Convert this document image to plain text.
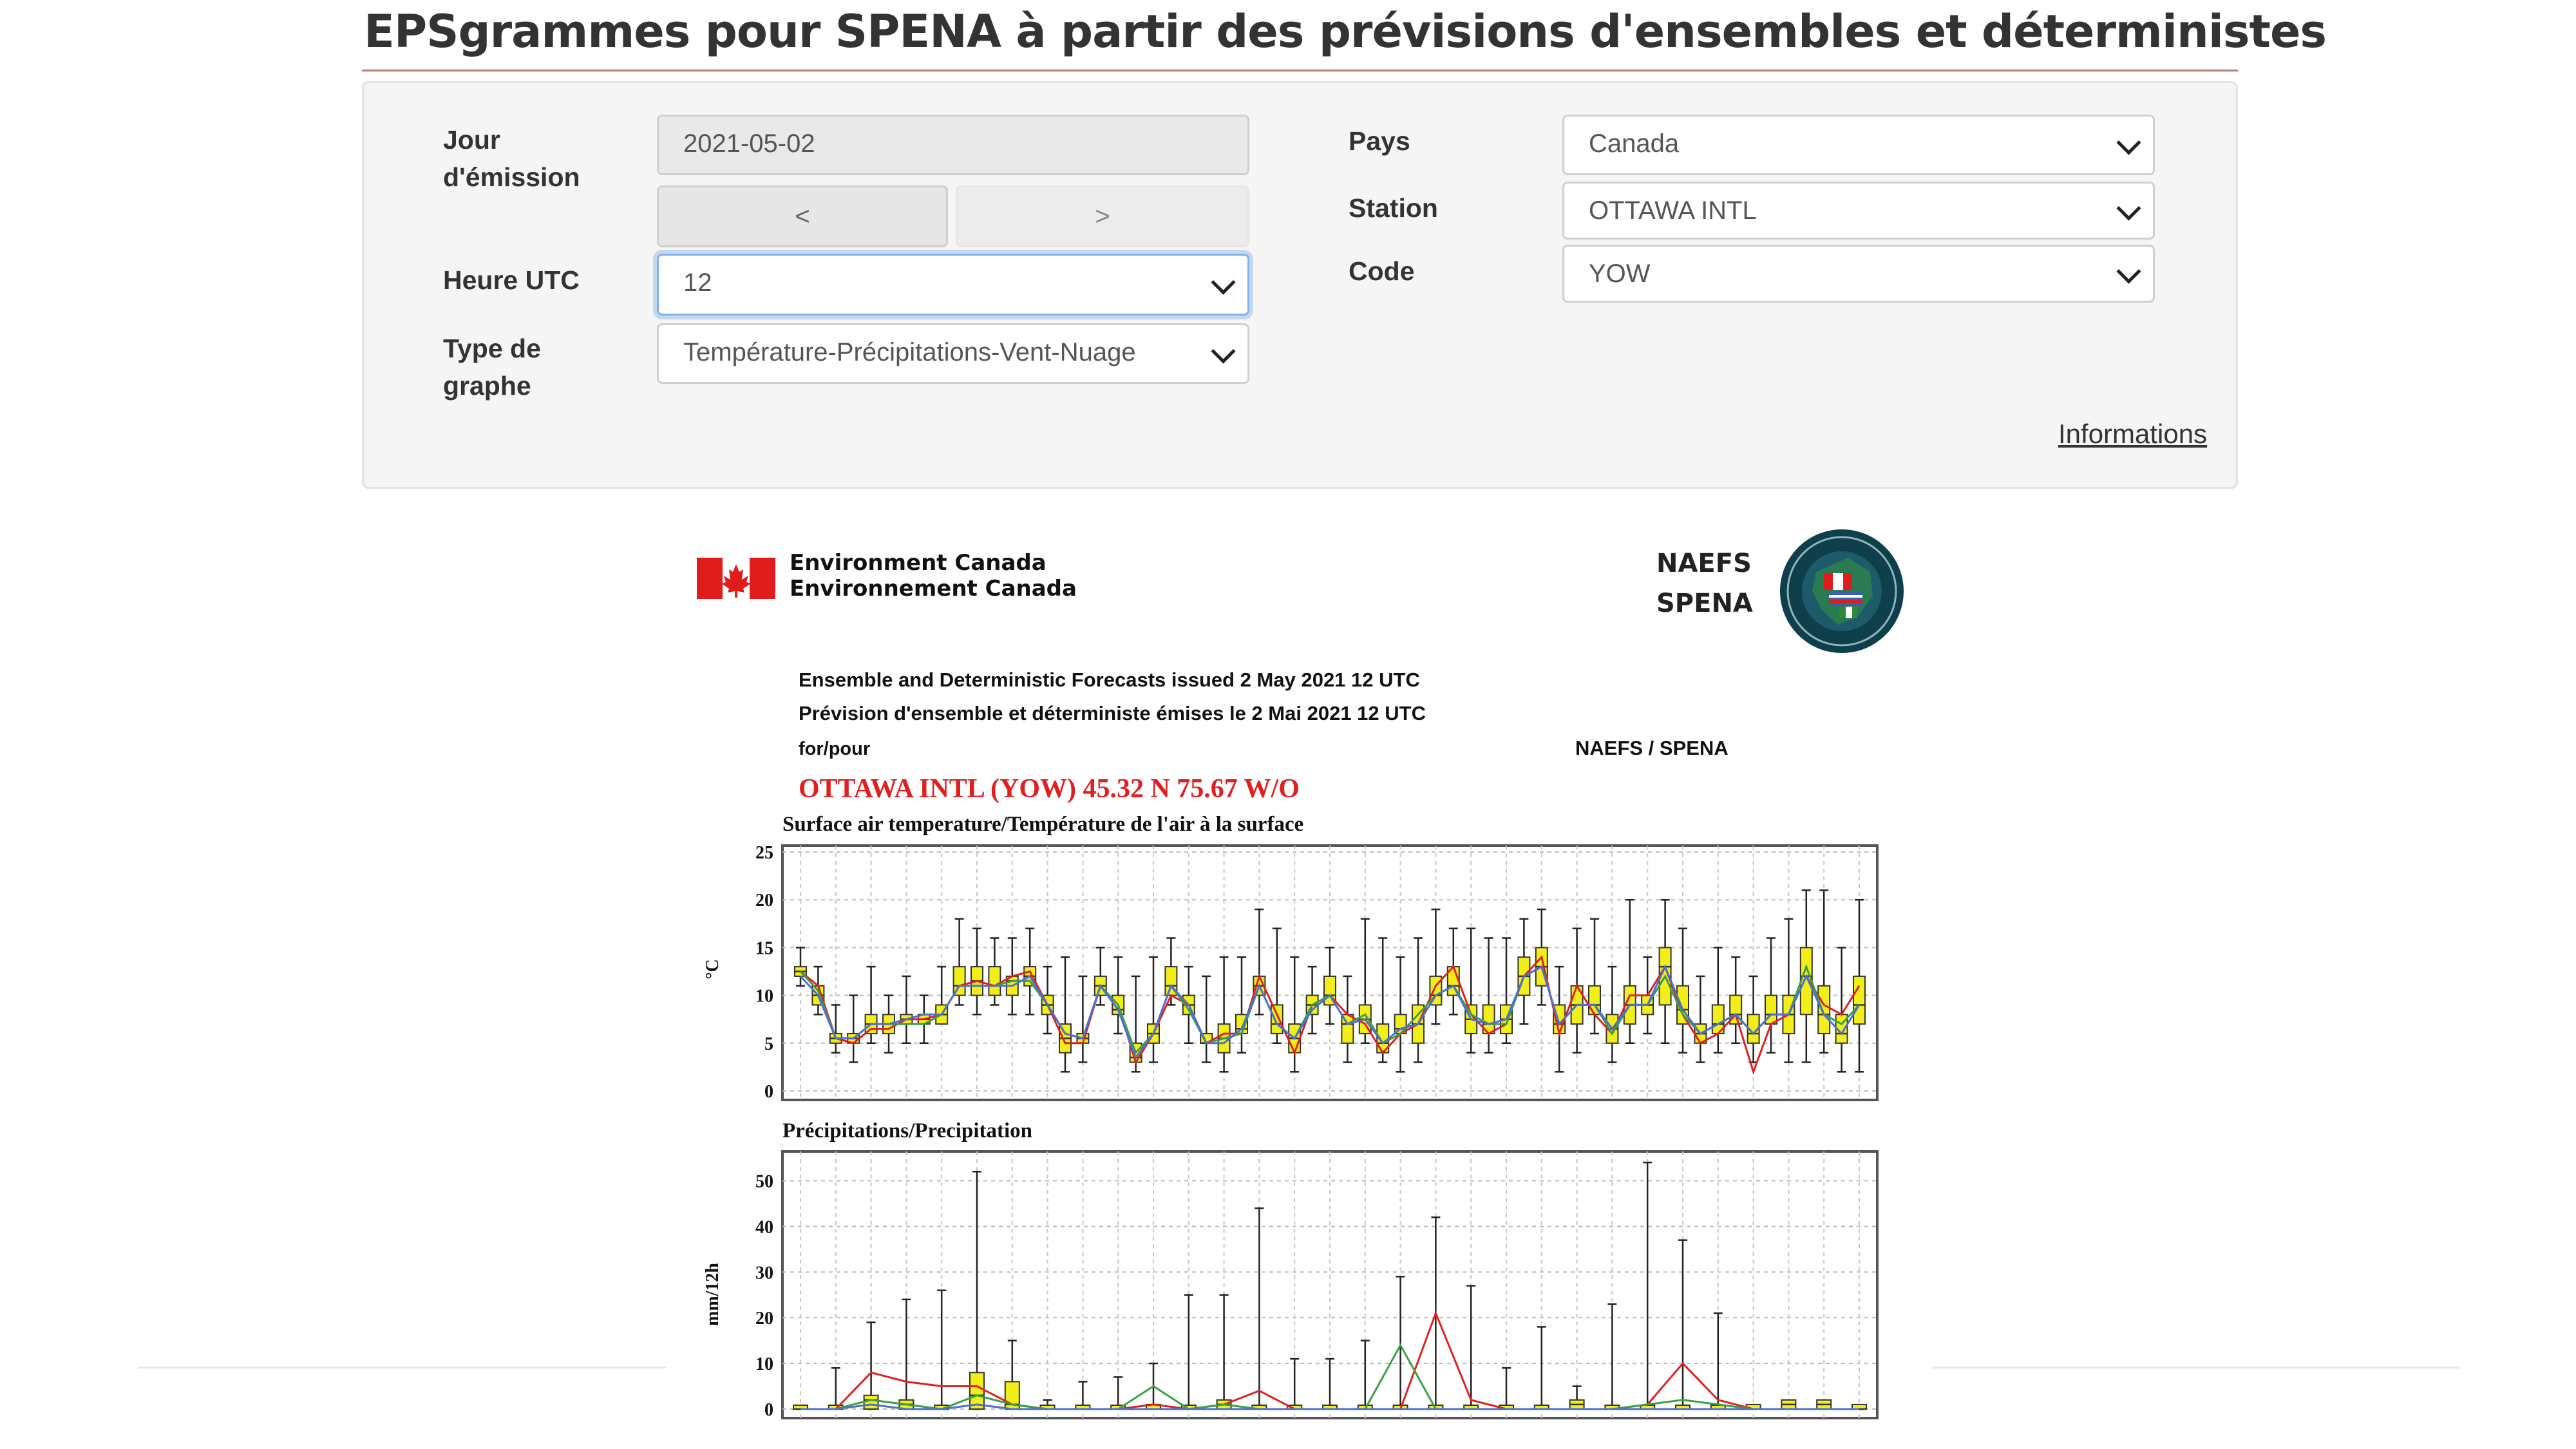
EPSgrammes pour SPENA à partir des prévisions d'ensembles et déterministes
Jour
d'émission
2021-05-02
<	>
Heure UTC	12
Type de
graphe
Température-Précipitations-Vent-Nuage
Pays	Canada
Station	OTTAWA INTL
Code	YOW
Informations
Environment Canada
Environnement Canada
NAEFS
SPENA
Ensemble and Deterministic Forecasts issued 2 May 2021 12 UTC
Prévision d'ensemble et déterministe émises le 2 Mai 2021 12 UTC
for/pour	NAEFS / SPENA
OTTAWA INTL (YOW) 45.32 N 75.67 W/O
Surface air temperature/Température de l'air à la surface
0
5
10
15
20
25
°C
Précipitations/Precipitation
0
10
20
30
40
50
mm/12h
